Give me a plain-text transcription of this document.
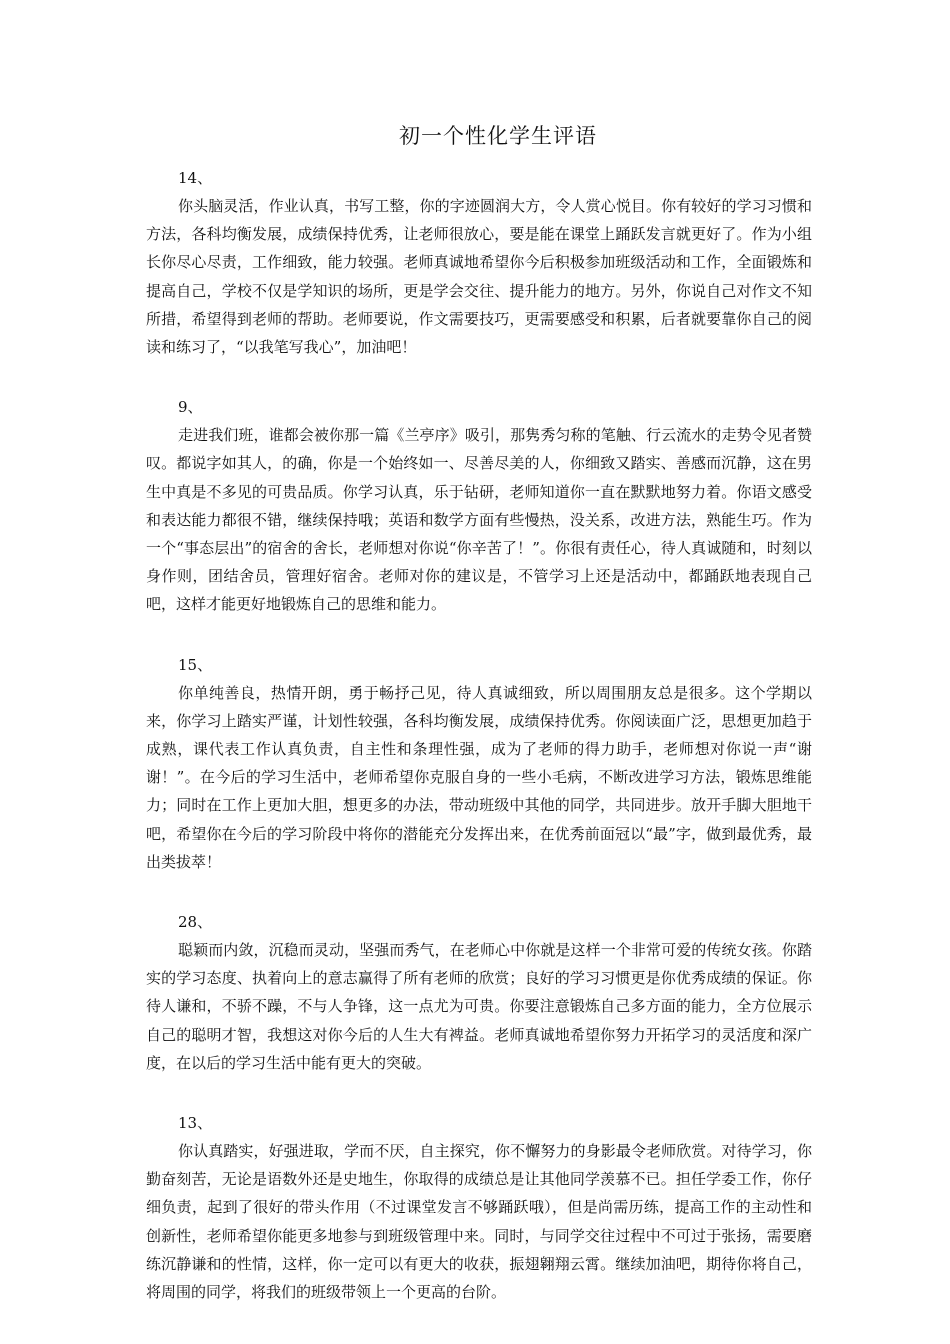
初一个性化学生评语
14、
你头脑灵活，作业认真，书写工整，你的字迹圆润大方，令人赏心悦目。你有较好的学习习惯和方法，各科均衡发展，成绩保持优秀，让老师很放心，要是能在课堂上踊跃发言就更好了。作为小组长你尽心尽责，工作细致，能力较强。老师真诚地希望你今后积极参加班级活动和工作，全面锻炼和提高自己，学校不仅是学知识的场所，更是学会交往、提升能力的地方。另外，你说自己对作文不知所措，希望得到老师的帮助。老师要说，作文需要技巧，更需要感受和积累，后者就要靠你自己的阅读和练习了，“以我笔写我心”，加油吧！
9、
走进我们班，谁都会被你那一篇《兰亭序》吸引，那隽秀匀称的笔触、行云流水的走势令见者赞叹。都说字如其人，的确，你是一个始终如一、尽善尽美的人，你细致又踏实、善感而沉静，这在男生中真是不多见的可贵品质。你学习认真，乐于钻研，老师知道你一直在默默地努力着。你语文感受和表达能力都很不错，继续保持哦；英语和数学方面有些慢热，没关系，改进方法，熟能生巧。作为一个“事态层出”的宿舍的舍长，老师想对你说“你辛苦了！”。你很有责任心，待人真诚随和，时刻以身作则，团结舍员，管理好宿舍。老师对你的建议是，不管学习上还是活动中，都踊跃地表现自己吧，这样才能更好地锻炼自己的思维和能力。
15、
你单纯善良，热情开朗，勇于畅抒己见，待人真诚细致，所以周围朋友总是很多。这个学期以来，你学习上踏实严谨，计划性较强，各科均衡发展，成绩保持优秀。你阅读面广泛，思想更加趋于成熟，课代表工作认真负责，自主性和条理性强，成为了老师的得力助手，老师想对你说一声“谢谢！”。在今后的学习生活中，老师希望你克服自身的一些小毛病，不断改进学习方法，锻炼思维能力；同时在工作上更加大胆，想更多的办法，带动班级中其他的同学，共同进步。放开手脚大胆地干吧，希望你在今后的学习阶段中将你的潜能充分发挥出来，在优秀前面冠以“最”字，做到最优秀，最出类拔萃！
28、
聪颖而内敛，沉稳而灵动，坚强而秀气，在老师心中你就是这样一个非常可爱的传统女孩。你踏实的学习态度、执着向上的意志赢得了所有老师的欣赏；良好的学习习惯更是你优秀成绩的保证。你待人谦和，不骄不躁，不与人争锋，这一点尤为可贵。你要注意锻炼自己多方面的能力，全方位展示自己的聪明才智，我想这对你今后的人生大有裨益。老师真诚地希望你努力开拓学习的灵活度和深广度，在以后的学习生活中能有更大的突破。
13、
你认真踏实，好强进取，学而不厌，自主探究，你不懈努力的身影最令老师欣赏。对待学习，你勤奋刻苦，无论是语数外还是史地生，你取得的成绩总是让其他同学羡慕不已。担任学委工作，你仔细负责，起到了很好的带头作用（不过课堂发言不够踊跃哦），但是尚需历练，提高工作的主动性和创新性，老师希望你能更多地参与到班级管理中来。同时，与同学交往过程中不可过于张扬，需要磨练沉静谦和的性情，这样，你一定可以有更大的收获，振翅翱翔云霄。继续加油吧，期待你将自己，将周围的同学，将我们的班级带领上一个更高的台阶。
